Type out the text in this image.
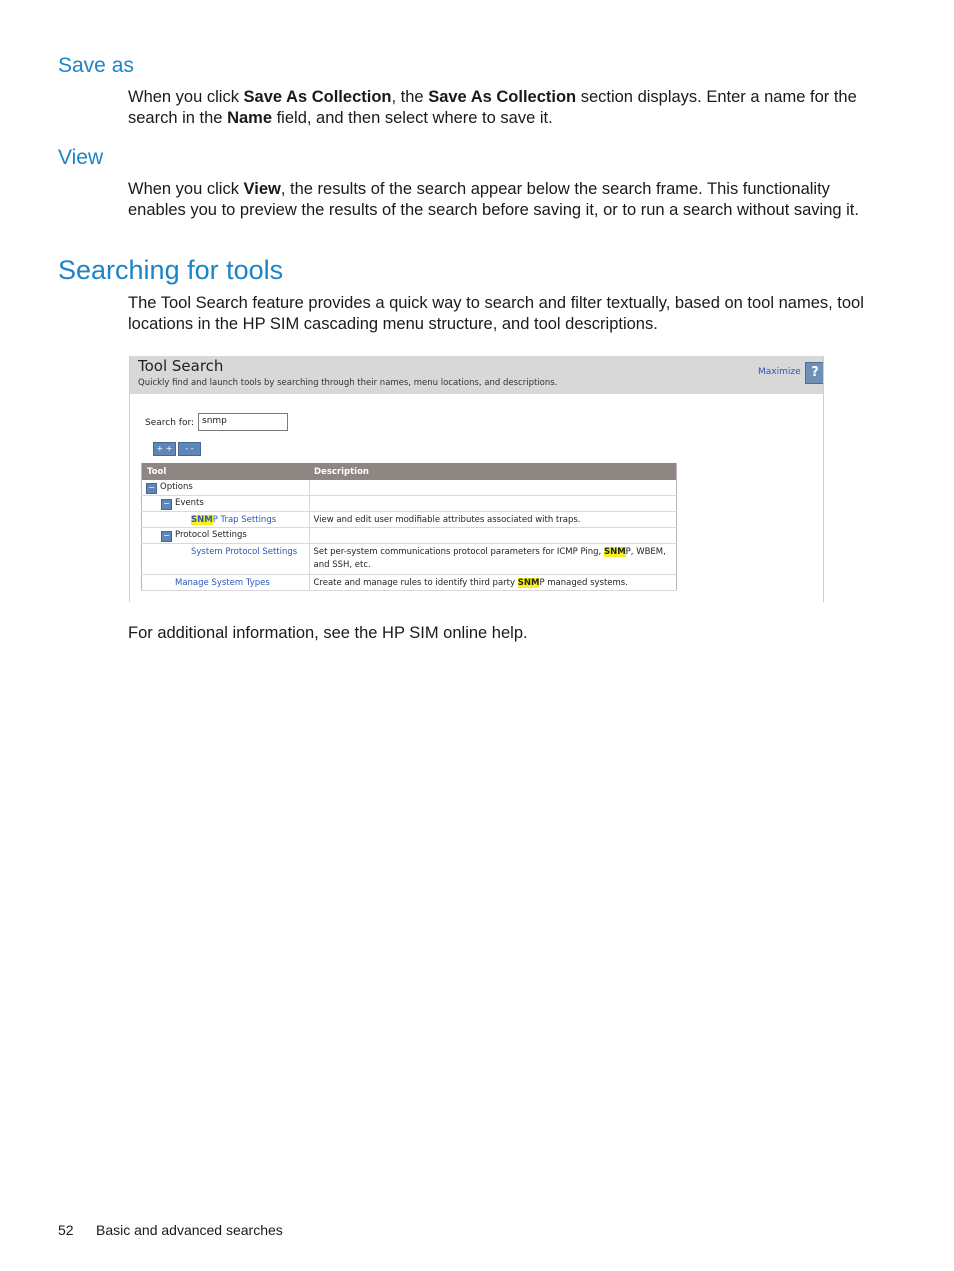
Save as

When you click Save As Collection, the Save As Collection section displays. Enter a name for the search in the Name field, and then select where to save it.

View

When you click View, the results of the search appear below the search frame. This functionality enables you to preview the results of the search before saving it, or to run a search without saving it.

Searching for tools

The Tool Search feature provides a quick way to search and filter textually, based on tool names, tool locations in the HP SIM cascading menu structure, and tool descriptions.

Tool Search
Quickly find and launch tools by searching through their names, menu locations, and descriptions.
Maximize ?
Search for: snmp
+ +	- -
Tool	Description
− Options	
− Events	
SNMP Trap Settings	View and edit user modifiable attributes associated with traps.
− Protocol Settings	
System Protocol Settings	Set per-system communications protocol parameters for ICMP Ping, SNMP, WBEM, and SSH, etc.
Manage System Types	Create and manage rules to identify third party SNMP managed systems.

For additional information, see the HP SIM online help.

52 Basic and advanced searches
